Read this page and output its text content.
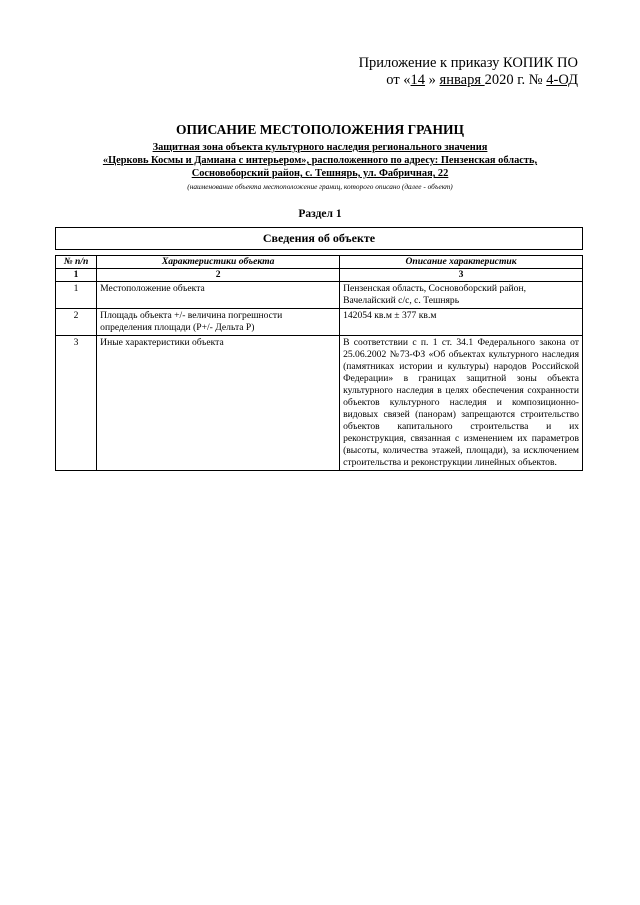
Приложение к приказу КОПИК ПО
от «14 » января 2020 г. № 4-ОД
ОПИСАНИЕ МЕСТОПОЛОЖЕНИЯ ГРАНИЦ
Защитная зона объекта культурного наследия регионального значения
«Церковь Космы и Дамиана с интерьером», расположенного по адресу: Пензенская область,
Сосновоборский район, с. Тешнярь, ул. Фабричная, 22
(наименование объекта местоположение границ, которого описано (далее - объект)
Раздел 1
Сведения об объекте
№ п/п	Характеристики объекта	Описание характеристик
1	2	3
1	Местоположение объекта	Пензенская область, Сосновоборский район, Вачелайский с/с, с. Тешнярь
2	Площадь объекта +/- величина погрешности определения площади (Р+/- Дельта Р)	142054 кв.м ± 377 кв.м
3	Иные характеристики объекта	В соответствии с п. 1 ст. 34.1 Федерального закона от 25.06.2002 №73-ФЗ «Об объектах культурного наследия (памятниках истории и культуры) народов Российской Федерации» в границах защитной зоны объекта культурного наследия в целях обеспечения сохранности объектов культурного наследия и композиционно-видовых связей (панорам) запрещаются строительство объектов капитального строительства и их реконструкция, связанная с изменением их параметров (высоты, количества этажей, площади), за исключением строительства и реконструкции линейных объектов.
